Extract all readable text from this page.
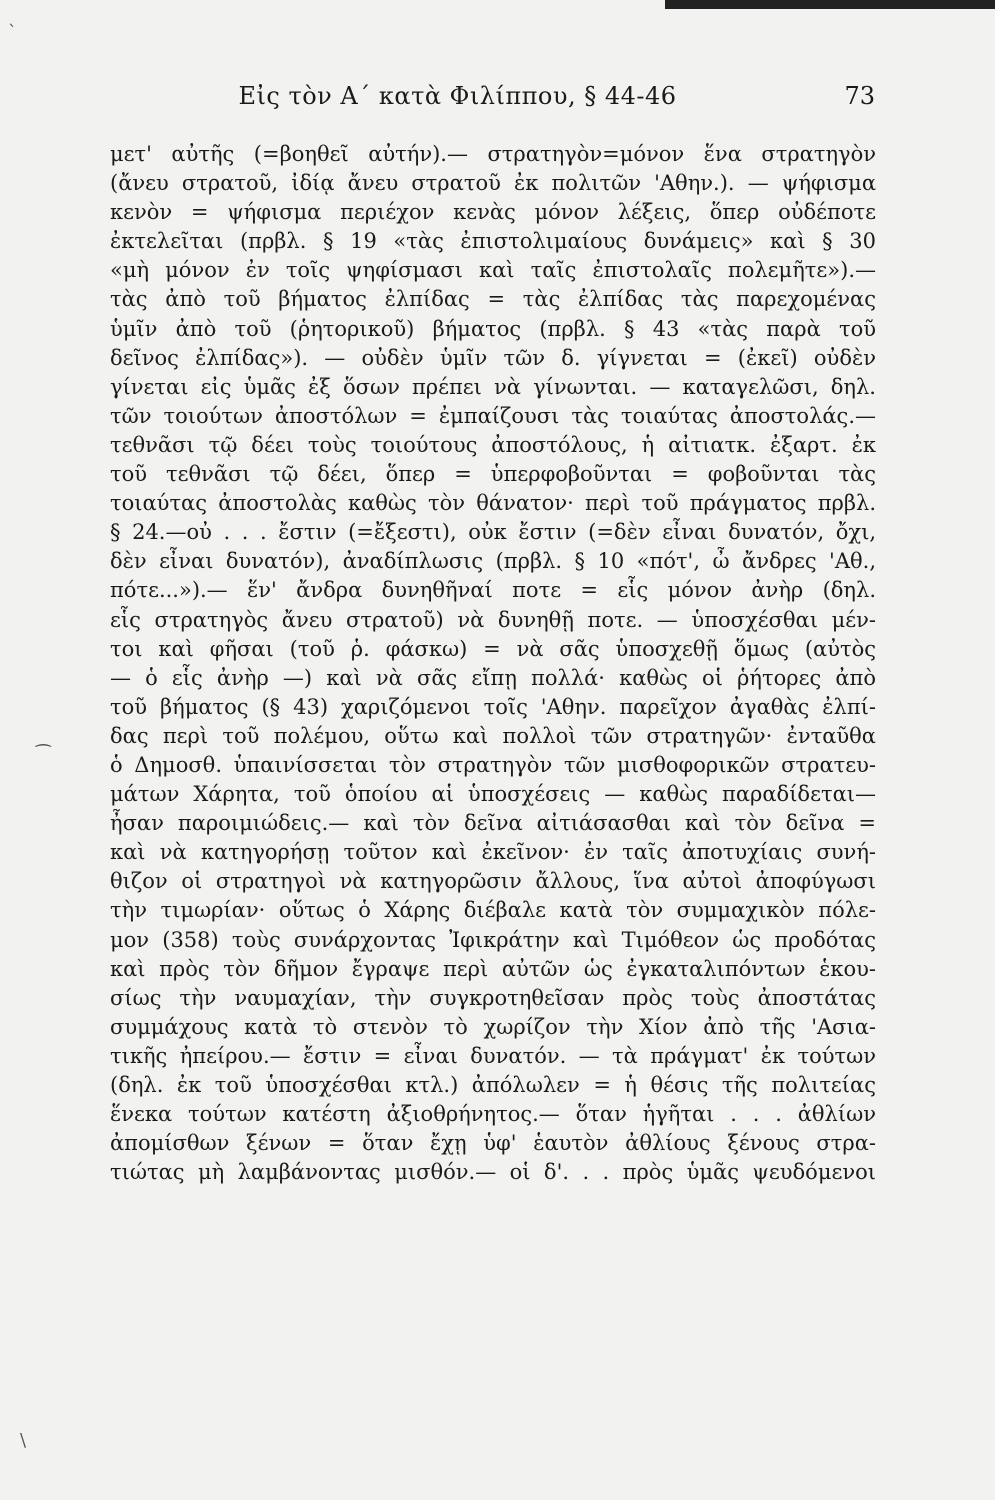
Εἰς τὸν Α΄ κατὰ Φιλίππου, § 44-46	73
`
⁀
\
μετ' αὐτῆς (=βοηθεῖ αὐτήν).— στρατηγὸν=μόνον ἕνα στρατηγὸν
(ἄνευ στρατοῦ, ἰδίᾳ ἄνευ στρατοῦ ἐκ πολιτῶν 'Αθην.). — ψήφισμα
κενὸν = ψήφισμα περιέχον κενὰς μόνον λέξεις, ὅπερ οὐδέποτε
ἐκτελεῖται (πρβλ. § 19 «τὰς ἐπιστολιμαίους δυνάμεις» καὶ § 30
«μὴ μόνον ἐν τοῖς ψηφίσμασι καὶ ταῖς ἐπιστολαῖς πολεμῆτε»).—
τὰς ἀπὸ τοῦ βήματος ἐλπίδας = τὰς ἐλπίδας τὰς παρεχομένας
ὑμῖν ἀπὸ τοῦ (ῥητορικοῦ) βήματος (πρβλ. § 43 «τὰς παρὰ τοῦ
δεῖνος ἐλπίδας»). — οὐδὲν ὑμῖν τῶν δ. γίγνεται = (ἐκεῖ) οὐδὲν
γίνεται εἰς ὑμᾶς ἐξ ὅσων πρέπει νὰ γίνωνται. — καταγελῶσι, δηλ.
τῶν τοιούτων ἀποστόλων = ἐμπαίζουσι τὰς τοιαύτας ἀποστολάς.—
τεθνᾶσι τῷ δέει τοὺς τοιούτους ἀποστόλους, ἡ αἰτιατκ. ἐξαρτ. ἐκ
τοῦ τεθνᾶσι τῷ δέει, ὅπερ = ὑπερφοβοῦνται = φοβοῦνται τὰς
τοιαύτας ἀποστολὰς καθὼς τὸν θάνατον· περὶ τοῦ πράγματος πρβλ.
§ 24.—οὐ . . . ἔστιν (=ἔξεστι), οὐκ ἔστιν (=δὲν εἶναι δυνατόν, ὄχι,
δὲν εἶναι δυνατόν), ἀναδίπλωσις (πρβλ. § 10 «πότ', ὦ ἄνδρες 'Αθ.,
πότε...»).— ἕν' ἄνδρα δυνηθῆναί ποτε = εἷς μόνον ἀνὴρ (δηλ.
εἷς στρατηγὸς ἄνευ στρατοῦ) νὰ δυνηθῇ ποτε. — ὑποσχέσθαι μέν-
τοι καὶ φῆσαι (τοῦ ῥ. φάσκω) = νὰ σᾶς ὑποσχεθῇ ὅμως (αὐτὸς
— ὁ εἷς ἀνὴρ —) καὶ νὰ σᾶς εἴπῃ πολλά· καθὼς οἱ ῥήτορες ἀπὸ
τοῦ βήματος (§ 43) χαριζόμενοι τοῖς 'Αθην. παρεῖχον ἀγαθὰς ἐλπί-
δας περὶ τοῦ πολέμου, οὕτω καὶ πολλοὶ τῶν στρατηγῶν· ἐνταῦθα
ὁ Δημοσθ. ὑπαινίσσεται τὸν στρατηγὸν τῶν μισθοφορικῶν στρατευ-
μάτων Χάρητα, τοῦ ὁποίου αἱ ὑποσχέσεις — καθὼς παραδίδεται—
ἦσαν παροιμιώδεις.— καὶ τὸν δεῖνα αἰτιάσασθαι καὶ τὸν δεῖνα =
καὶ νὰ κατηγορήσῃ τοῦτον καὶ ἐκεῖνον· ἐν ταῖς ἀποτυχίαις συνή-
θιζον οἱ στρατηγοὶ νὰ κατηγορῶσιν ἄλλους, ἵνα αὐτοὶ ἀποφύγωσι
τὴν τιμωρίαν· οὕτως ὁ Χάρης διέβαλε κατὰ τὸν συμμαχικὸν πόλε-
μον (358) τοὺς συνάρχοντας Ἰφικράτην καὶ Τιμόθεον ὡς προδότας
καὶ πρὸς τὸν δῆμον ἔγραψε περὶ αὐτῶν ὡς ἐγκαταλιπόντων ἑκου-
σίως τὴν ναυμαχίαν, τὴν συγκροτηθεῖσαν πρὸς τοὺς ἀποστάτας
συμμάχους κατὰ τὸ στενὸν τὸ χωρίζον τὴν Χίον ἀπὸ τῆς 'Ασια-
τικῆς ἠπείρου.— ἔστιν = εἶναι δυνατόν. — τὰ πράγματ' ἐκ τούτων
(δηλ. ἐκ τοῦ ὑποσχέσθαι κτλ.) ἀπόλωλεν = ἡ θέσις τῆς πολιτείας
ἕνεκα τούτων κατέστη ἀξιοθρήνητος.— ὅταν ἡγῆται . . . ἀθλίων
ἀπομίσθων ξένων = ὅταν ἔχῃ ὑφ' ἑαυτὸν ἀθλίους ξένους στρα-
τιώτας μὴ λαμβάνοντας μισθόν.— οἱ δ'. . . πρὸς ὑμᾶς ψευδόμενοι
